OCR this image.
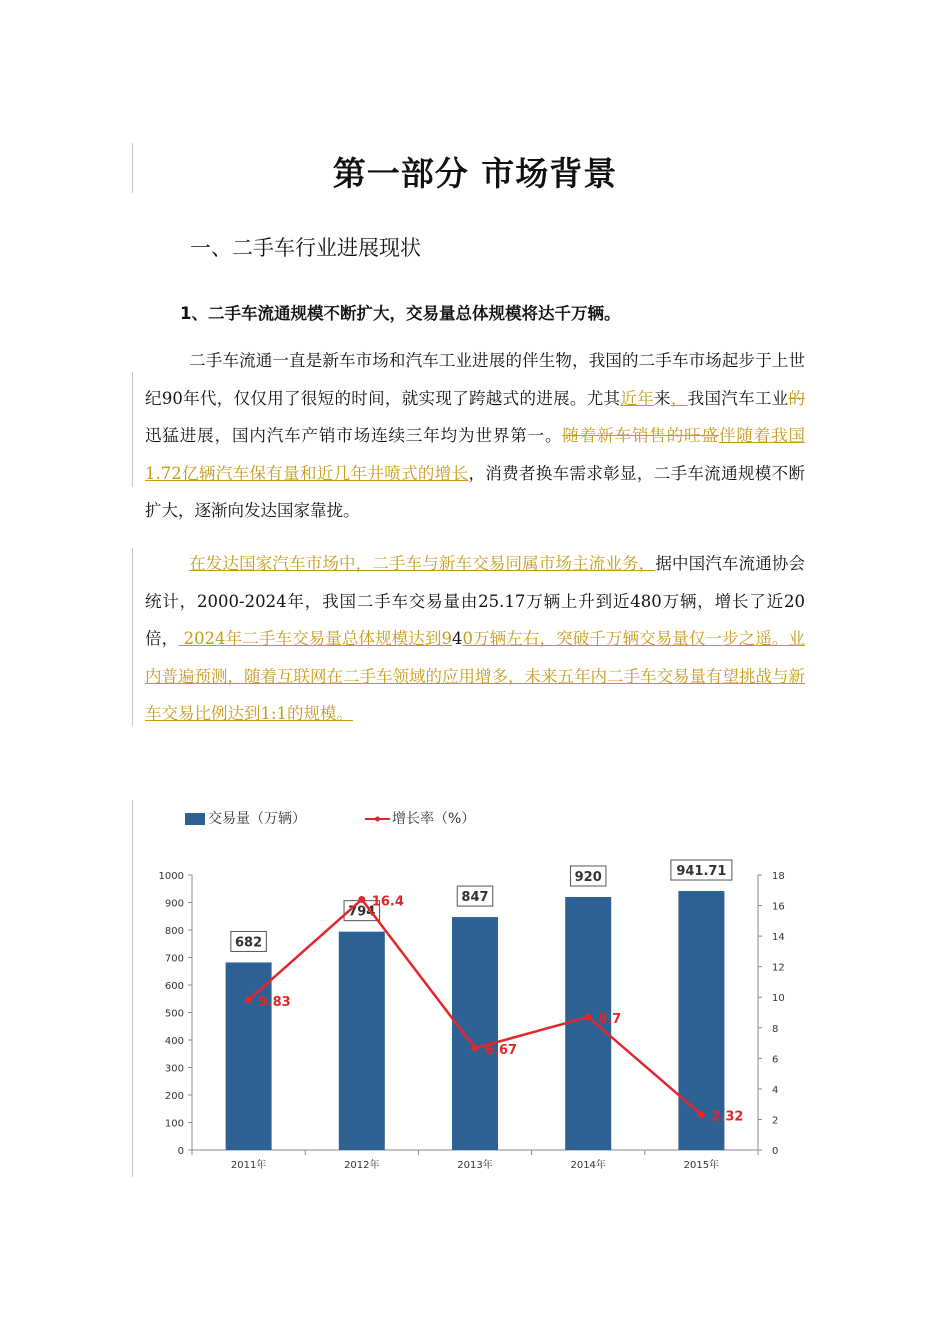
第一部分 市场背景
一、二手车行业进展现状
1、二手车流通规模不断扩大，交易量总体规模将达千万辆。
二手车流通一直是新车市场和汽车工业进展的伴生物，我国的二手车市场起步于上世纪90年代，仅仅用了很短的时间，就实现了跨越式的进展。尤其近年来，我国汽车工业的迅猛进展，国内汽车产销市场连续三年均为世界第一。随着新车销售的旺盛伴随着我国1.72亿辆汽车保有量和近几年井喷式的增长，消费者换车需求彰显，二手车流通规模不断扩大，逐渐向发达国家靠拢。
在发达国家汽车市场中，二手车与新车交易同属市场主流业务，据中国汽车流通协会统计，2000-2024年，我国二手车交易量由25.17万辆上升到近480万辆，增长了近20倍， 2024年二手车交易量总体规模达到940万辆左右，突破千万辆交易量仅一步之遥。业内普遍预测，随着互联网在二手车领域的应用增多，未来五年内二手车交易量有望挑战与新车交易比例达到1:1的规模。
交易量（万辆）	增长率（%）
0
100
200
300
400
500
600
700
800
900
1000
0
2
4
6
8
10
12
14
16
18
682
2011年
794
2012年
847
2013年
920
2014年
941.71
2015年
9.83
16.4
6.67
8.7
2.32
